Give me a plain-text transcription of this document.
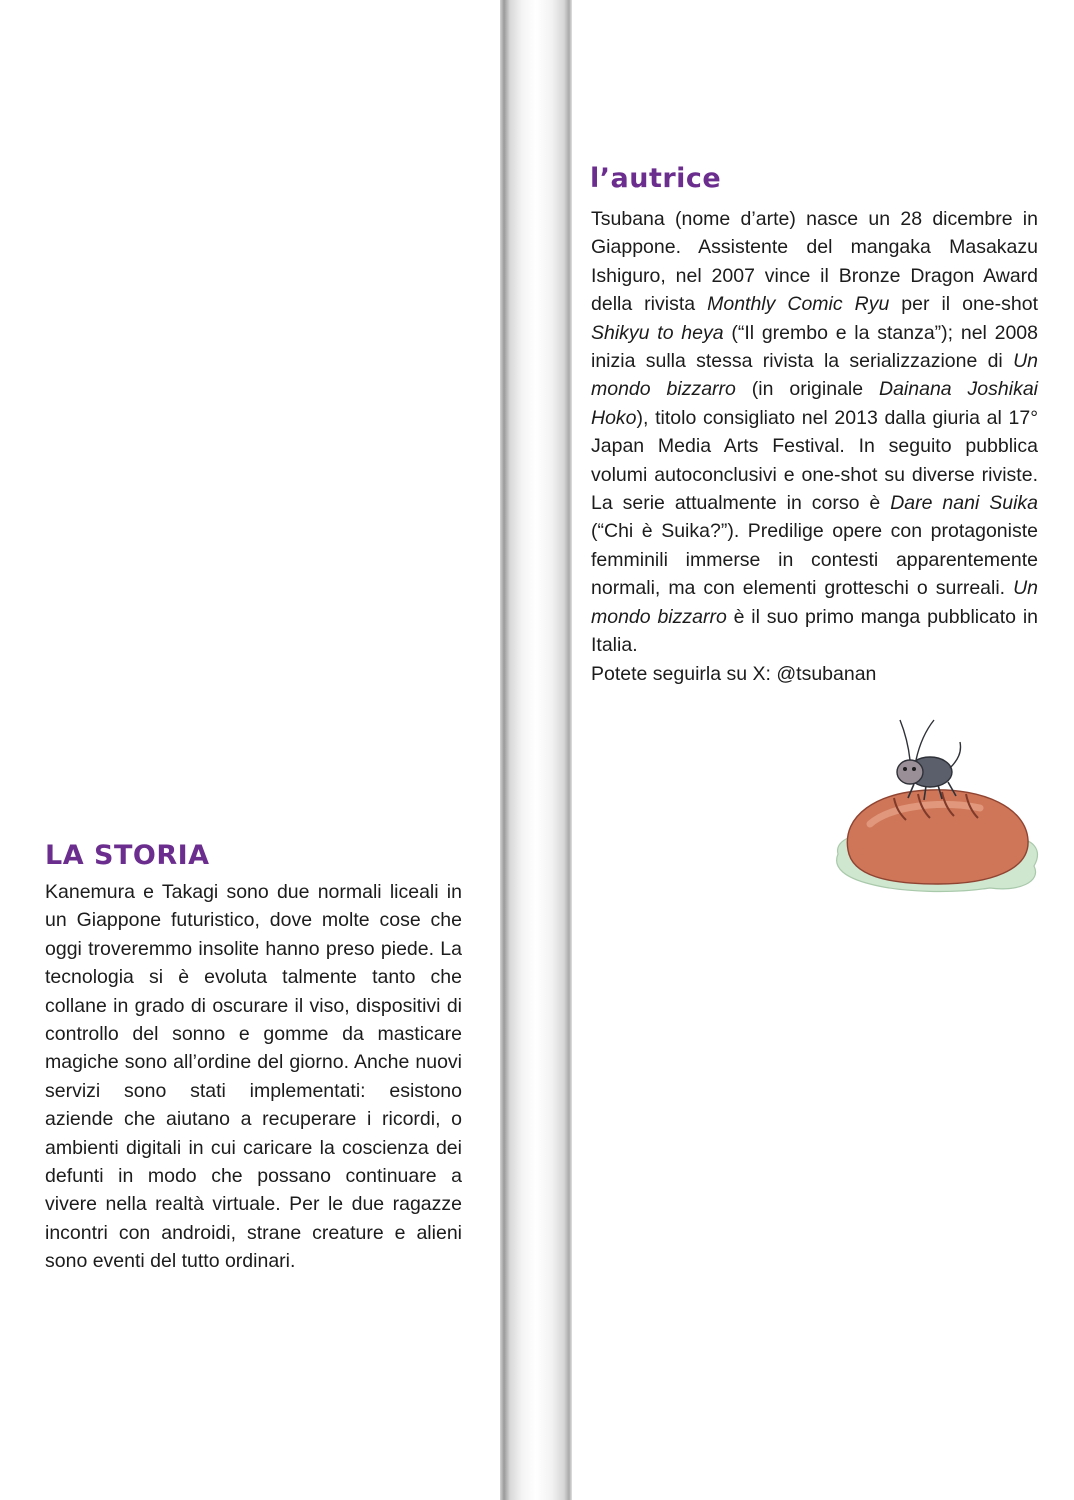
l’autrice

Tsubana (nome d’arte) nasce un 28 dicembre in Giappone. Assistente del mangaka Masakazu Ishiguro, nel 2007 vince il Bronze Dragon Award della rivista Monthly Comic Ryu per il one-shot Shikyu to heya (“Il grembo e la stanza”); nel 2008 inizia sulla stessa rivista la serializzazione di Un mondo bizzarro (in originale Dainana Joshikai Hoko), titolo consigliato nel 2013 dalla giuria al 17° Japan Media Arts Festival. In seguito pubblica volumi autoconclusivi e one-shot su diverse riviste. La serie attualmente in corso è Dare nani Suika (“Chi è Suika?”). Predilige opere con protagoniste femminili immerse in contesti apparentemente normali, ma con elementi grotteschi o surreali. Un mondo bizzarro è il suo primo manga pubblicato in Italia.
Potete seguirla su X: @tsubanan

LA STORIA

Kanemura e Takagi sono due normali liceali in un Giappone futuristico, dove molte cose che oggi troveremmo insolite hanno preso piede. La tecnologia si è evoluta talmente tanto che collane in grado di oscurare il viso, dispositivi di controllo del sonno e gomme da masticare magiche sono all’ordine del giorno. Anche nuovi servizi sono stati implementati: esistono aziende che aiutano a recuperare i ricordi, o ambienti digitali in cui caricare la coscienza dei defunti in modo che possano continuare a vivere nella realtà virtuale. Per le due ragazze incontri con androidi, strane creature e alieni sono eventi del tutto ordinari.
